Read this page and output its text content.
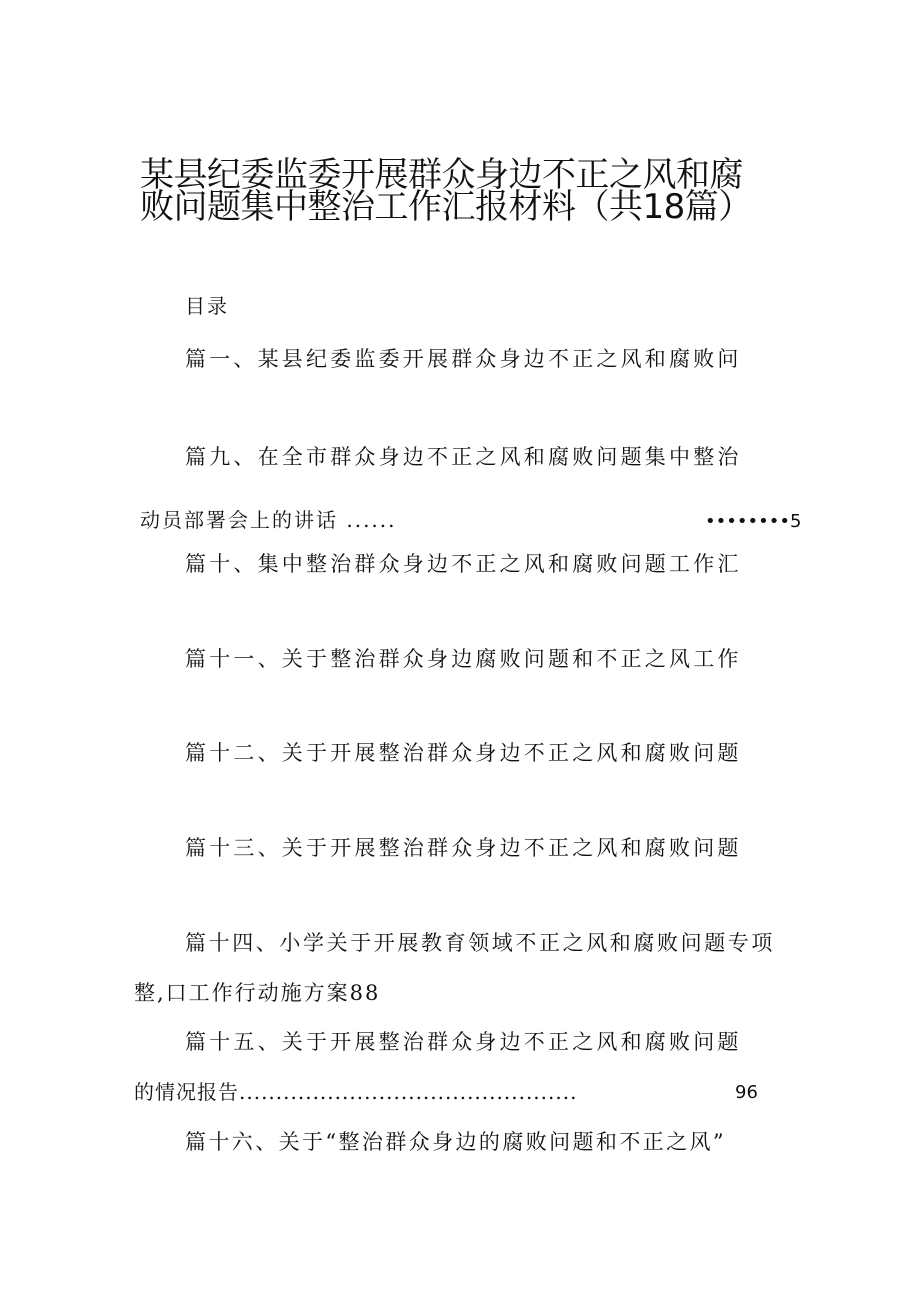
某县纪委监委开展群众身边不正之风和腐
败问题集中整治工作汇报材料（共18篇）
目录
篇一、某县纪委监委开展群众身边不正之风和腐败问
篇九、在全市群众身边不正之风和腐败问题集中整治
动员部署会上的讲话 ......	••••••••5
篇十、集中整治群众身边不正之风和腐败问题工作汇
篇十一、关于整治群众身边腐败问题和不正之风工作
篇十二、关于开展整治群众身边不正之风和腐败问题
篇十三、关于开展整治群众身边不正之风和腐败问题
篇十四、小学关于开展教育领域不正之风和腐败问题专项
整,口工作行动施方案88
篇十五、关于开展整治群众身边不正之风和腐败问题
的情况报告..............................................	96
篇十六、关于“整治群众身边的腐败问题和不正之风”
